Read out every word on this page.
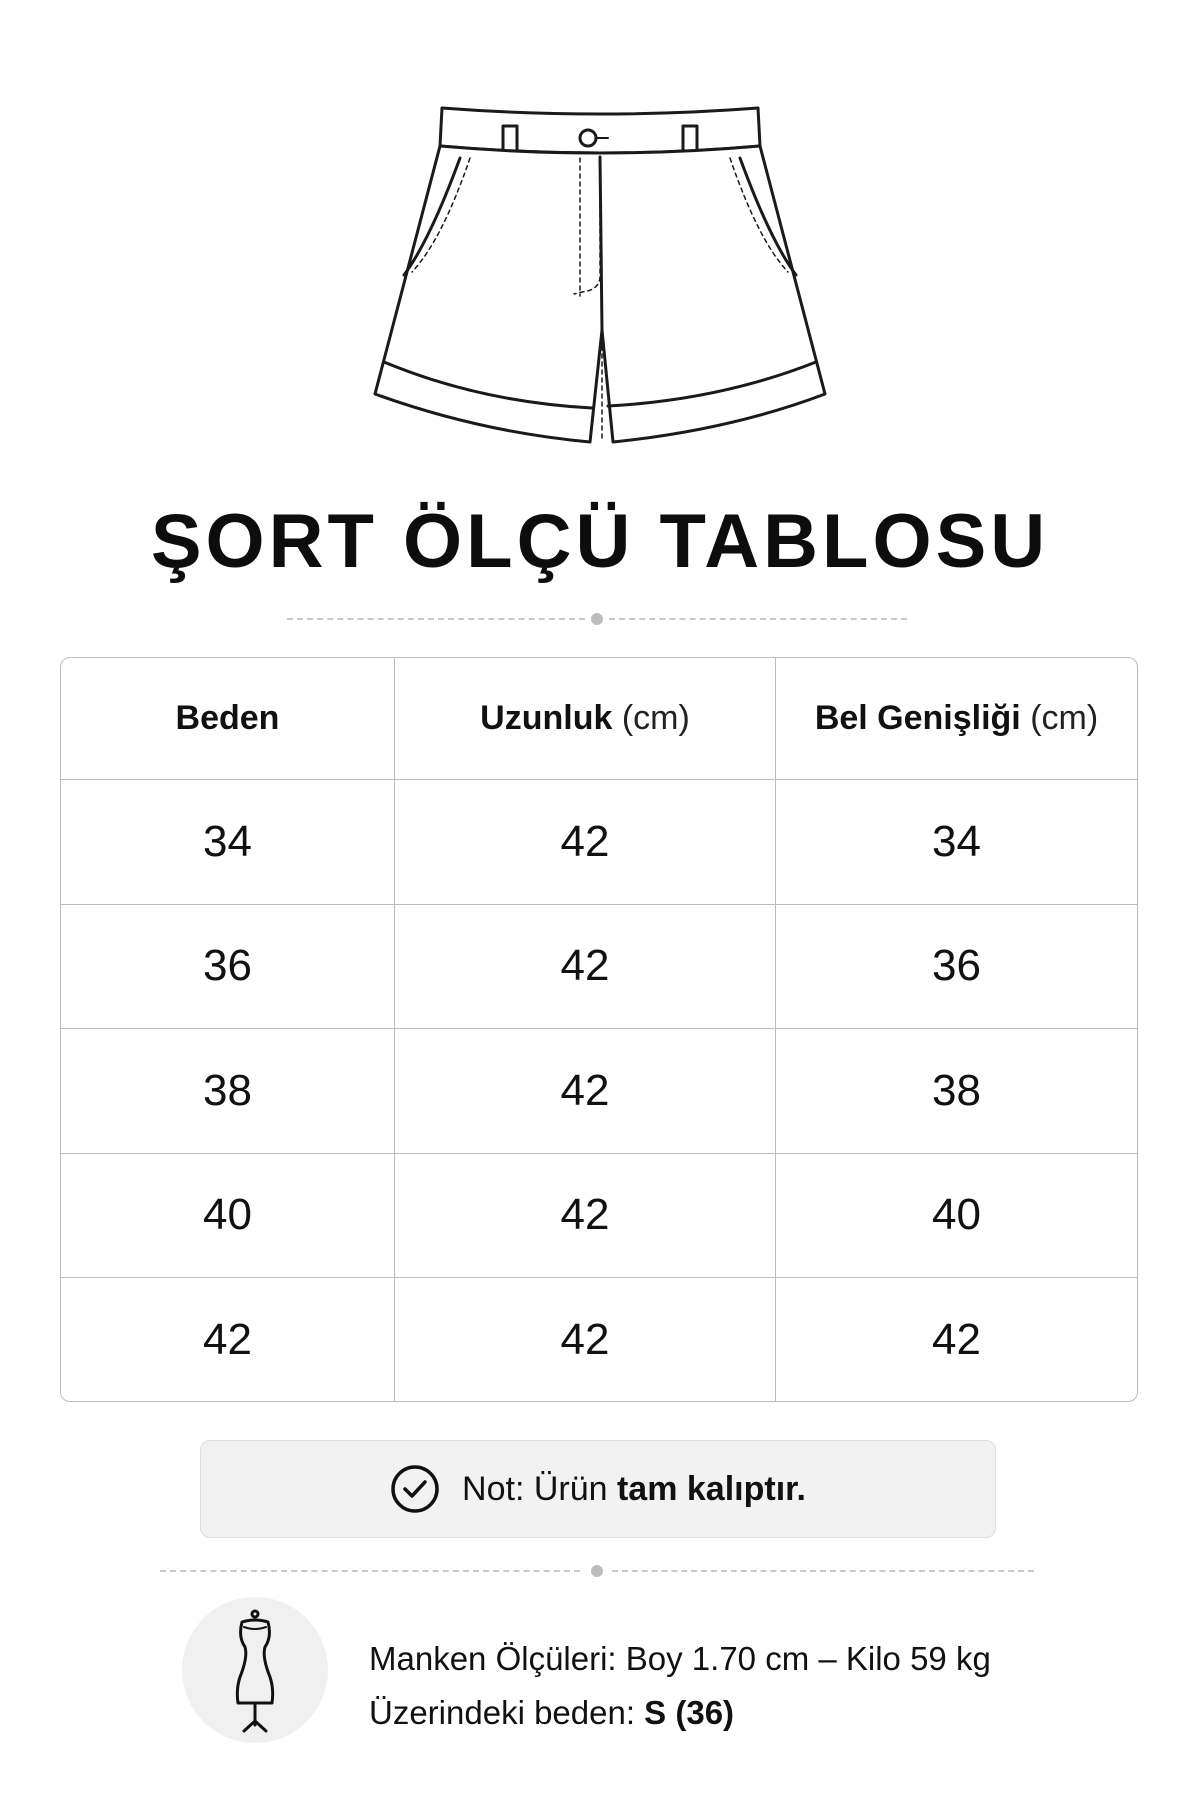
ŞORT ÖLÇÜ TABLOSU
Beden	Uzunluk (cm)	Bel Genişliği (cm)
34	42	34
36	42	36
38	42	38
40	42	40
42	42	42
Not: Ürün tam kalıptır.
Manken Ölçüleri: Boy 1.70 cm – Kilo 59 kg
Üzerindeki beden: S (36)
